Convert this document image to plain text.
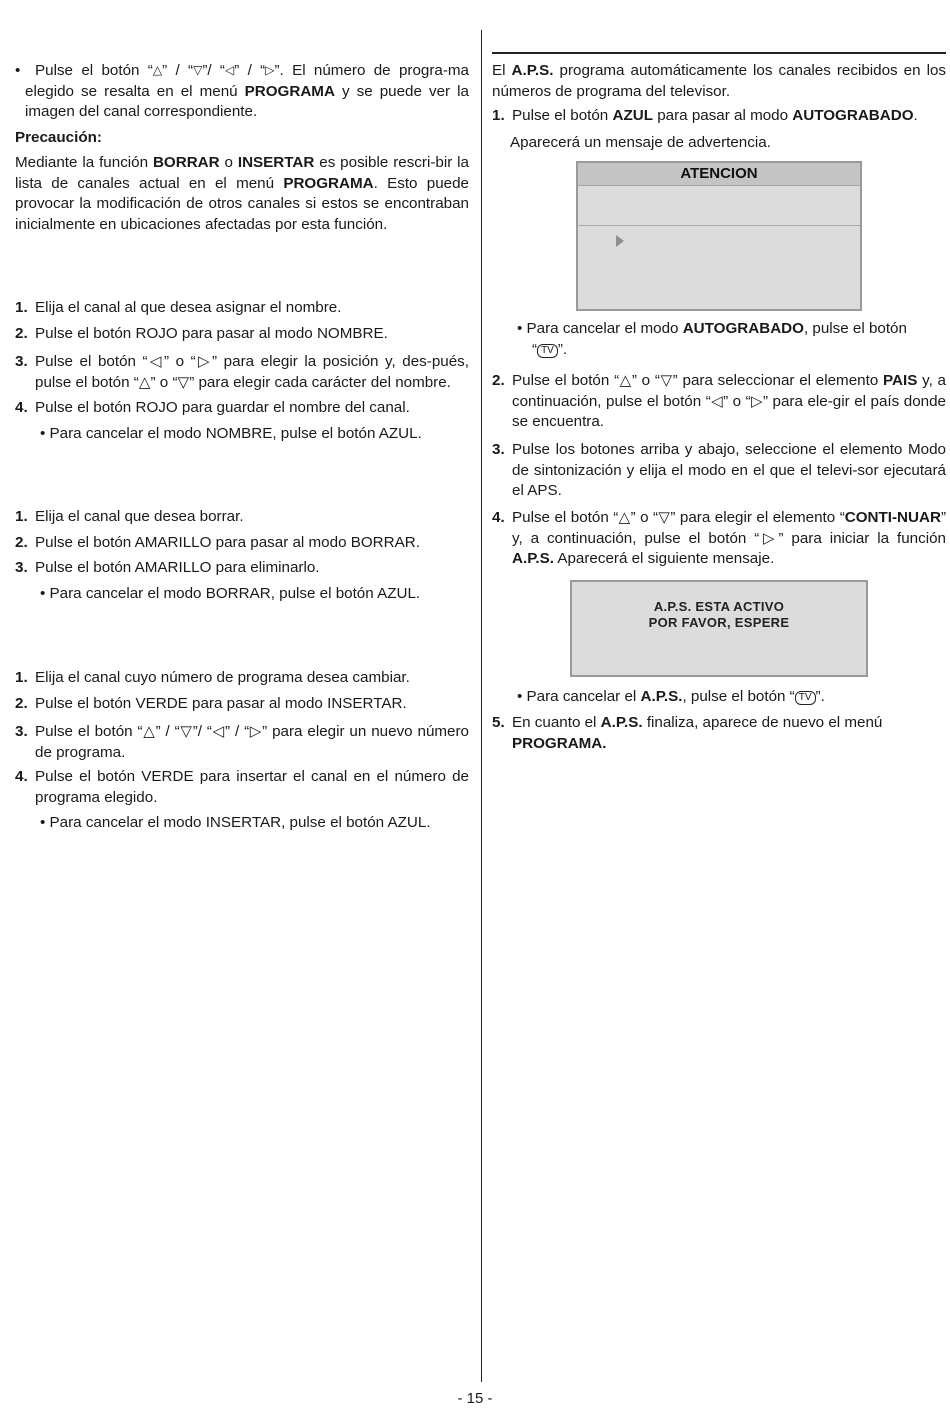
• Pulse el botón “△” / “▽”/ “◁” / “▷”. El número de progra-ma elegido se resalta en el menú PROGRAMA y se puede ver la imagen del canal correspondiente.
Precaución:
Mediante la función BORRAR o INSERTAR es posible rescri-bir la lista de canales actual en el menú PROGRAMA. Esto puede provocar la modificación de otros canales si estos se encontraban inicialmente en ubicaciones afectadas por esta función.
1. Elija el canal al que desea asignar el nombre.
2. Pulse el botón ROJO para pasar al modo NOMBRE.
3. Pulse el botón “◁” o “▷” para elegir la posición y, des-pués, pulse el botón “△” o “▽” para elegir cada carácter del nombre.
4. Pulse el botón ROJO para guardar el nombre del canal.
• Para cancelar el modo NOMBRE, pulse el botón AZUL.
1. Elija el canal que desea borrar.
2. Pulse el botón AMARILLO para pasar al modo BORRAR.
3. Pulse el botón AMARILLO para eliminarlo.
• Para cancelar el modo BORRAR, pulse el botón AZUL.
1. Elija el canal cuyo número de programa desea cambiar.
2. Pulse el botón VERDE para pasar al modo INSERTAR.
3. Pulse el botón “△” / “▽”/ “◁” / “▷” para elegir un nuevo número de programa.
4. Pulse el botón VERDE para insertar el canal en el número de programa elegido.
• Para cancelar el modo INSERTAR, pulse el botón AZUL.
El A.P.S. programa automáticamente los canales recibidos en los números de programa del televisor.
1. Pulse el botón AZUL para pasar al modo AUTOGRABADO.
Aparecerá un mensaje de advertencia.
ATENCION
• Para cancelar el modo AUTOGRABADO, pulse el botón
“ TV ”.
2. Pulse el botón “△” o “▽” para seleccionar el elemento PAIS y, a continuación, pulse el botón “◁” o “▷” para ele-gir el país donde se encuentra.
3. Pulse los botones arriba y abajo, seleccione el elemento Modo de sintonización y elija el modo en el que el televi-sor ejecutará el APS.
4. Pulse el botón “△” o “▽” para elegir el elemento “CONTI-NUAR” y, a continuación, pulse el botón “▷” para iniciar la función A.P.S. Aparecerá el siguiente mensaje.
A.P.S. ESTA ACTIVO
POR FAVOR, ESPERE
• Para cancelar el A.P.S., pulse el botón “ TV ”.
5. En cuanto el A.P.S. finaliza, aparece de nuevo el menú
PROGRAMA.
- 15 -
